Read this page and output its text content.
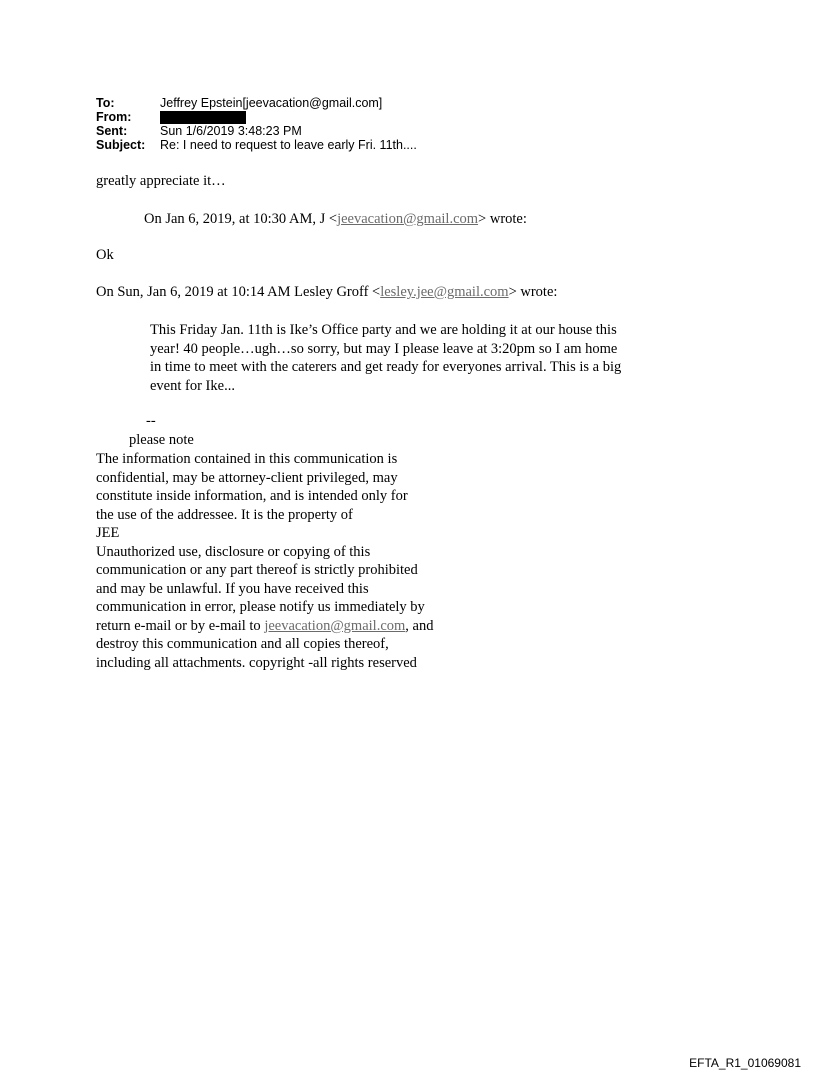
To:	Jeffrey Epstein[jeevacation@gmail.com]
From:
Sent:	Sun 1/6/2019 3:48:23 PM
Subject:	Re: I need to request to leave early Fri. 11th....
greatly appreciate it…
On Jan 6, 2019, at 10:30 AM, J <jeevacation@gmail.com> wrote:
Ok
On Sun, Jan 6, 2019 at 10:14 AM Lesley Groff <lesley.jee@gmail.com> wrote:
This Friday Jan. 11th is Ike’s Office party and we are holding it at our house this
year! 40 people…ugh…so sorry, but may I please leave at 3:20pm so I am home
in time to meet with the caterers and get ready for everyones arrival. This is a big
event for Ike...
--
please note
The information contained in this communication is
confidential, may be attorney-client privileged, may
constitute inside information, and is intended only for
the use of the addressee. It is the property of
JEE
Unauthorized use, disclosure or copying of this
communication or any part thereof is strictly prohibited
and may be unlawful. If you have received this
communication in error, please notify us immediately by
return e-mail or by e-mail to jeevacation@gmail.com, and
destroy this communication and all copies thereof,
including all attachments. copyright -all rights reserved
EFTA_R1_01069081
